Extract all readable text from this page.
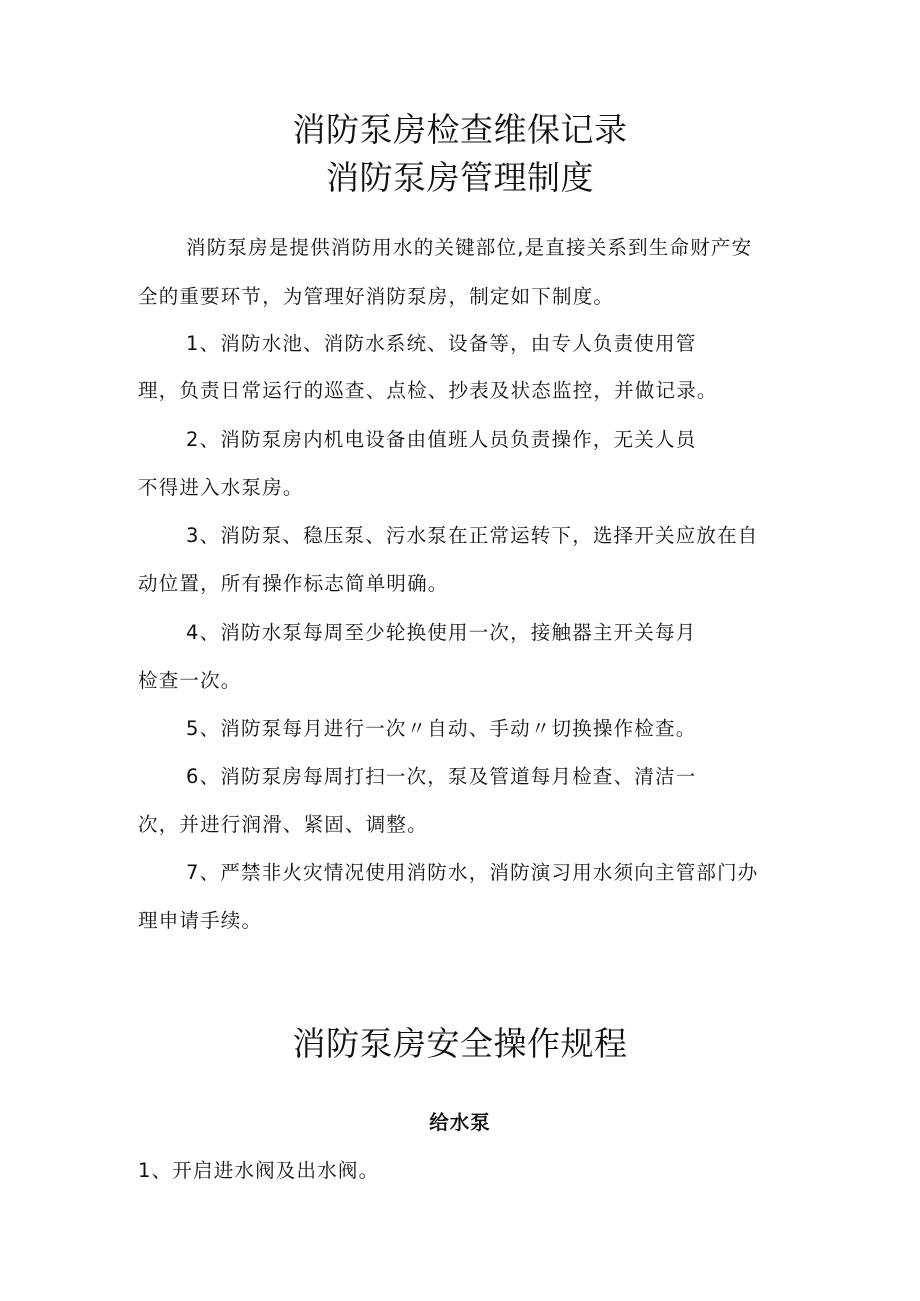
消防泵房检查维保记录
消防泵房管理制度
消防泵房是提供消防用水的关键部位,是直接关系到生命财产安
全的重要环节，为管理好消防泵房，制定如下制度。
1、消防水池、消防水系统、设备等，由专人负责使用管
理，负责日常运行的巡查、点检、抄表及状态监控，并做记录。
2、消防泵房内机电设备由值班人员负责操作，无关人员
不得进入水泵房。
3、消防泵、稳压泵、污水泵在正常运转下，选择开关应放在自
动位置，所有操作标志简单明确。
4、消防水泵每周至少轮换使用一次，接触器主开关每月
检查一次。
5、消防泵每月进行一次〃自动、手动〃切换操作检查。
6、消防泵房每周打扫一次，泵及管道每月检查、清洁一
次，并进行润滑、紧固、调整。
7、严禁非火灾情况使用消防水，消防演习用水须向主管部门办
理申请手续。
消防泵房安全操作规程
给水泵
1、开启进水阀及出水阀。
